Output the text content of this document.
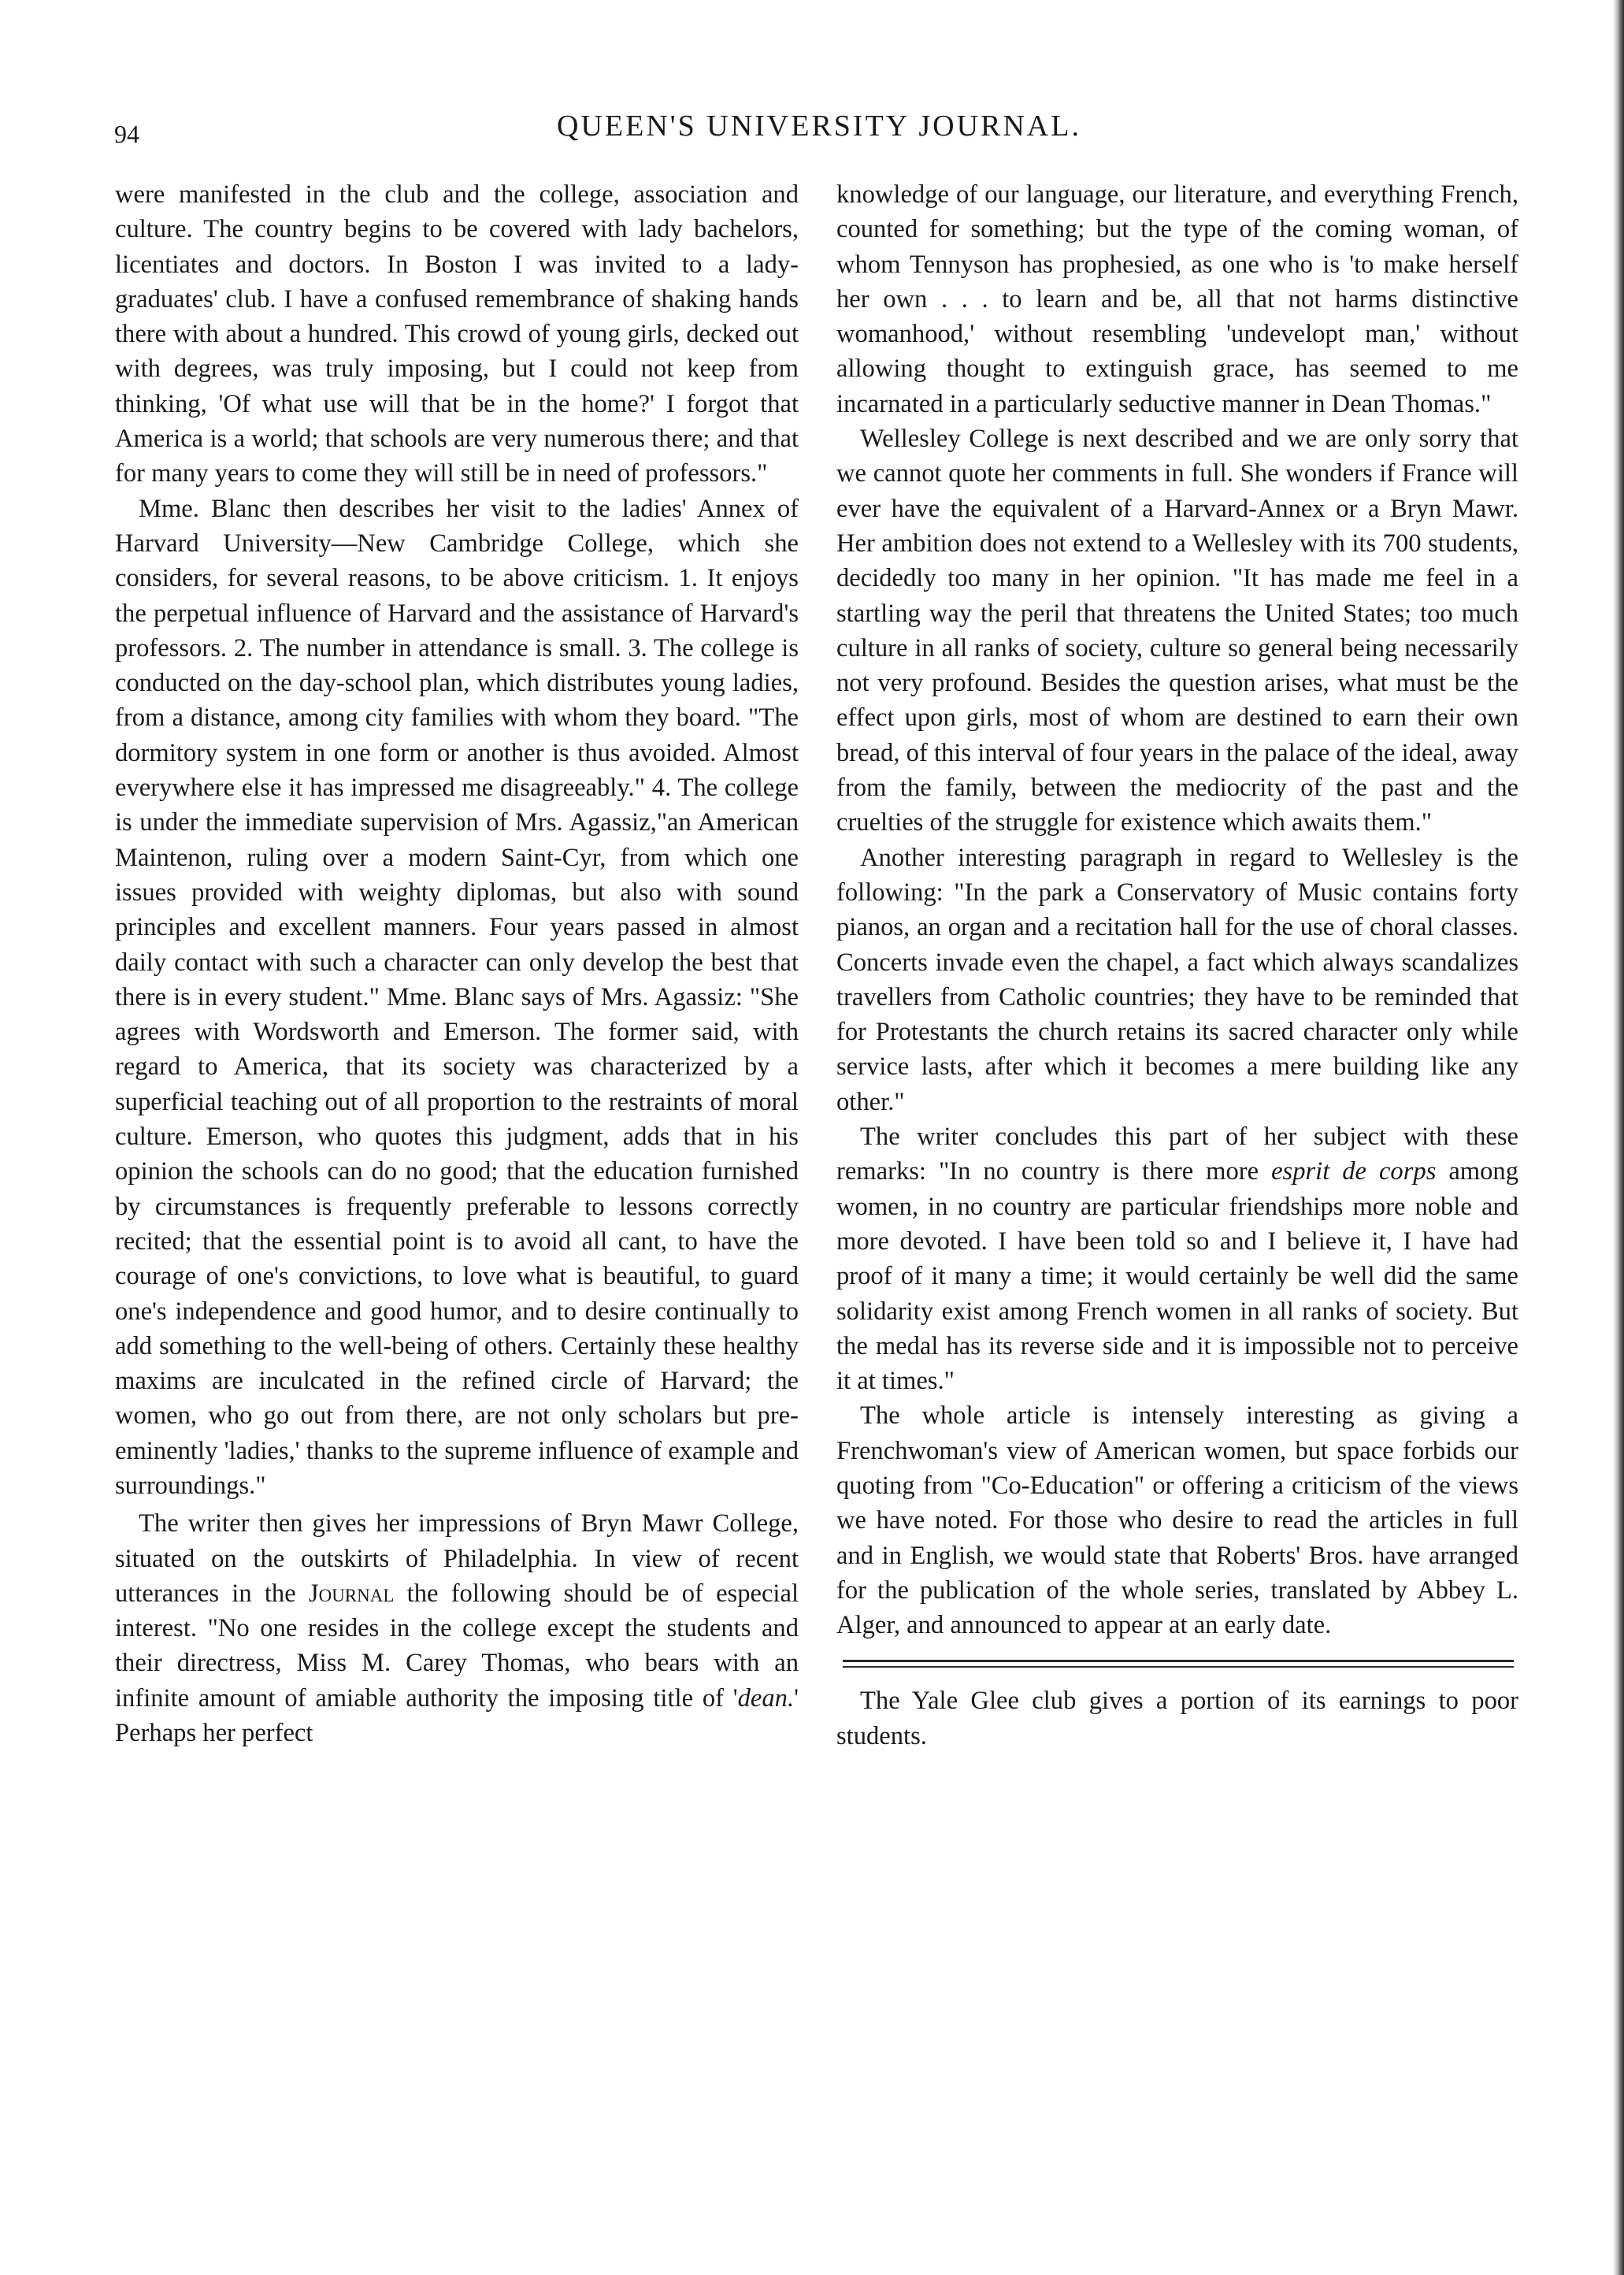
94	QUEEN'S UNIVERSITY JOURNAL.

were manifested in the club and the college, association and culture. The country begins to be covered with lady bachelors, licentiates and doctors. In Boston I was invited to a lady-graduates' club. I have a confused remembrance of shaking hands there with about a hundred. This crowd of young girls, decked out with degrees, was truly imposing, but I could not keep from thinking, 'Of what use will that be in the home?' I forgot that America is a world; that schools are very numerous there; and that for many years to come they will still be in need of professors."

Mme. Blanc then describes her visit to the ladies' Annex of Harvard University—New Cambridge College, which she considers, for several reasons, to be above criticism. 1. It enjoys the perpetual influence of Harvard and the assistance of Harvard's professors. 2. The number in attendance is small. 3. The college is conducted on the day-school plan, which distributes young ladies, from a distance, among city families with whom they board. "The dormitory system in one form or another is thus avoided. Almost everywhere else it has impressed me disagreeably." 4. The college is under the immediate supervision of Mrs. Agassiz,"an American Maintenon, ruling over a modern Saint-Cyr, from which one issues provided with weighty diplomas, but also with sound principles and excellent manners. Four years passed in almost daily contact with such a character can only develop the best that there is in every student." Mme. Blanc says of Mrs. Agassiz: "She agrees with Wordsworth and Emerson. The former said, with regard to America, that its society was characterized by a superficial teaching out of all proportion to the restraints of moral culture. Emerson, who quotes this judgment, adds that in his opinion the schools can do no good; that the education furnished by circumstances is frequently preferable to lessons correctly recited; that the essential point is to avoid all cant, to have the courage of one's convictions, to love what is beautiful, to guard one's independence and good humor, and to desire continually to add something to the well-being of others. Certainly these healthy maxims are inculcated in the refined circle of Harvard; the women, who go out from there, are not only scholars but pre-eminently 'ladies,' thanks to the supreme influence of example and surroundings."

The writer then gives her impressions of Bryn Mawr College, situated on the outskirts of Philadelphia. In view of recent utterances in the Journal the following should be of especial interest. "No one resides in the college except the students and their directress, Miss M. Carey Thomas, who bears with an infinite amount of amiable authority the imposing title of 'dean.' Perhaps her perfect

knowledge of our language, our literature, and everything French, counted for something; but the type of the coming woman, of whom Tennyson has prophesied, as one who is 'to make herself her own . . . to learn and be, all that not harms distinctive womanhood,' without resembling 'undevelopt man,' without allowing thought to extinguish grace, has seemed to me incarnated in a particularly seductive manner in Dean Thomas."

Wellesley College is next described and we are only sorry that we cannot quote her comments in full. She wonders if France will ever have the equivalent of a Harvard-Annex or a Bryn Mawr. Her ambition does not extend to a Wellesley with its 700 students, decidedly too many in her opinion. "It has made me feel in a startling way the peril that threatens the United States; too much culture in all ranks of society, culture so general being necessarily not very profound. Besides the question arises, what must be the effect upon girls, most of whom are destined to earn their own bread, of this interval of four years in the palace of the ideal, away from the family, between the mediocrity of the past and the cruelties of the struggle for existence which awaits them."

Another interesting paragraph in regard to Wellesley is the following: "In the park a Conservatory of Music contains forty pianos, an organ and a recitation hall for the use of choral classes. Concerts invade even the chapel, a fact which always scandalizes travellers from Catholic countries; they have to be reminded that for Protestants the church retains its sacred character only while service lasts, after which it becomes a mere building like any other."

The writer concludes this part of her subject with these remarks: "In no country is there more esprit de corps among women, in no country are particular friendships more noble and more devoted. I have been told so and I believe it, I have had proof of it many a time; it would certainly be well did the same solidarity exist among French women in all ranks of society. But the medal has its reverse side and it is impossible not to perceive it at times."

The whole article is intensely interesting as giving a Frenchwoman's view of American women, but space forbids our quoting from "Co-Education" or offering a criticism of the views we have noted. For those who desire to read the articles in full and in English, we would state that Roberts' Bros. have arranged for the publication of the whole series, translated by Abbey L. Alger, and announced to appear at an early date.

The Yale Glee club gives a portion of its earnings to poor students.
